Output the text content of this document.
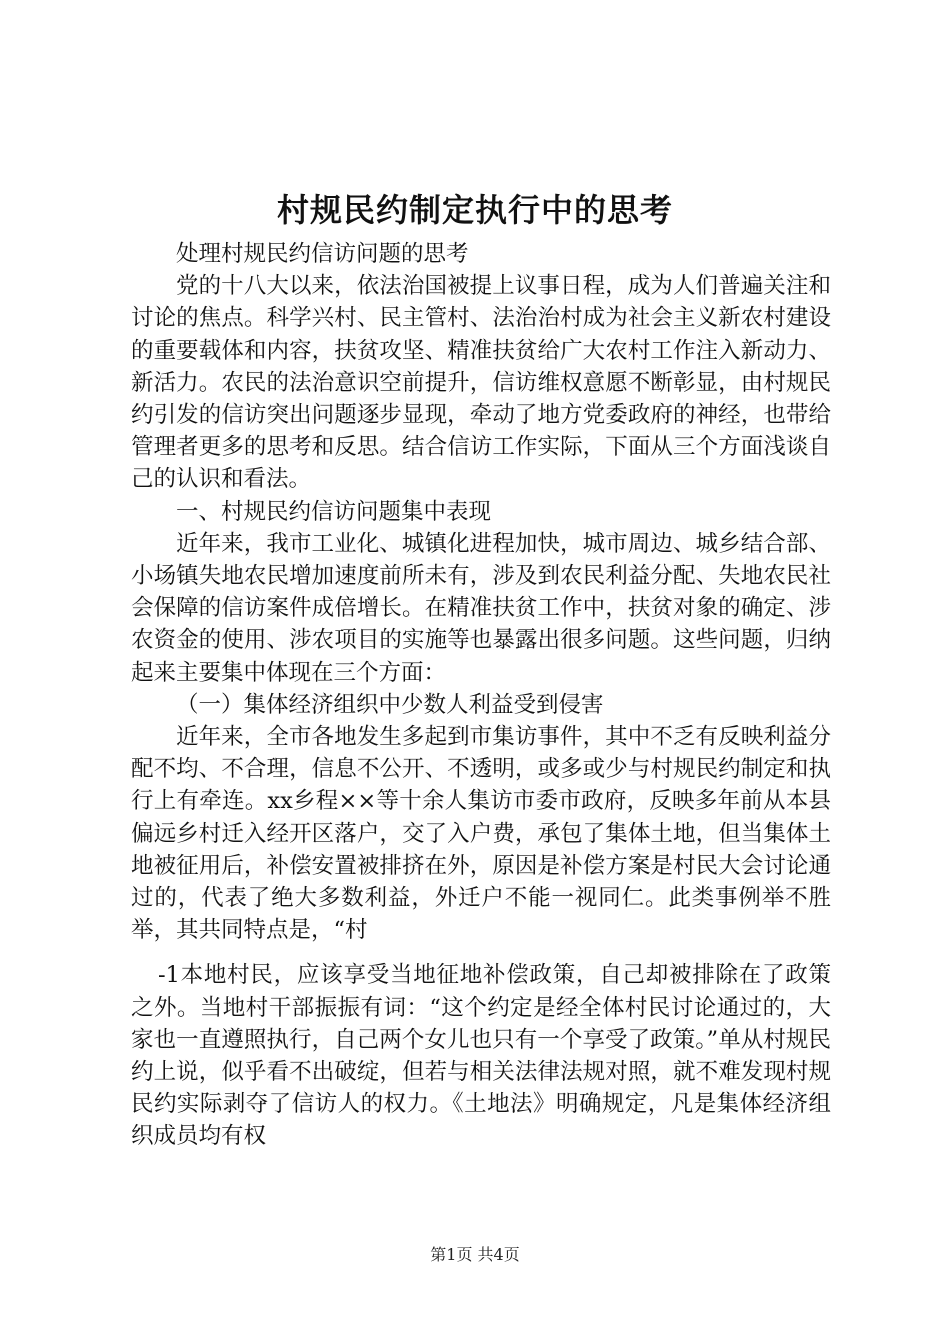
村规民约制定执行中的思考

处理村规民约信访问题的思考

党的十八大以来，依法治国被提上议事日程，成为人们普遍关注和讨论的焦点。科学兴村、民主管村、法治治村成为社会主义新农村建设的重要载体和内容，扶贫攻坚、精准扶贫给广大农村工作注入新动力、新活力。农民的法治意识空前提升，信访维权意愿不断彰显，由村规民约引发的信访突出问题逐步显现，牵动了地方党委政府的神经，也带给管理者更多的思考和反思。结合信访工作实际，下面从三个方面浅谈自己的认识和看法。

一、村规民约信访问题集中表现

近年来，我市工业化、城镇化进程加快，城市周边、城乡结合部、小场镇失地农民增加速度前所未有，涉及到农民利益分配、失地农民社会保障的信访案件成倍增长。在精准扶贫工作中，扶贫对象的确定、涉农资金的使用、涉农项目的实施等也暴露出很多问题。这些问题，归纳起来主要集中体现在三个方面：

（一）集体经济组织中少数人利益受到侵害

近年来，全市各地发生多起到市集访事件，其中不乏有反映利益分配不均、不合理，信息不公开、不透明，或多或少与村规民约制定和执行上有牵连。xx乡程××等十余人集访市委市政府，反映多年前从本县偏远乡村迁入经开区落户，交了入户费，承包了集体土地，但当集体土地被征用后，补偿安置被排挤在外，原因是补偿方案是村民大会讨论通过的，代表了绝大多数利益，外迁户不能一视同仁。此类事例举不胜举，其共同特点是，“村

-1本地村民，应该享受当地征地补偿政策，自己却被排除在了政策之外。当地村干部振振有词：“这个约定是经全体村民讨论通过的，大家也一直遵照执行，自己两个女儿也只有一个享受了政策。”单从村规民约上说，似乎看不出破绽，但若与相关法律法规对照，就不难发现村规民约实际剥夺了信访人的权力。《土地法》明确规定，凡是集体经济组织成员均有权

第1页 共4页
